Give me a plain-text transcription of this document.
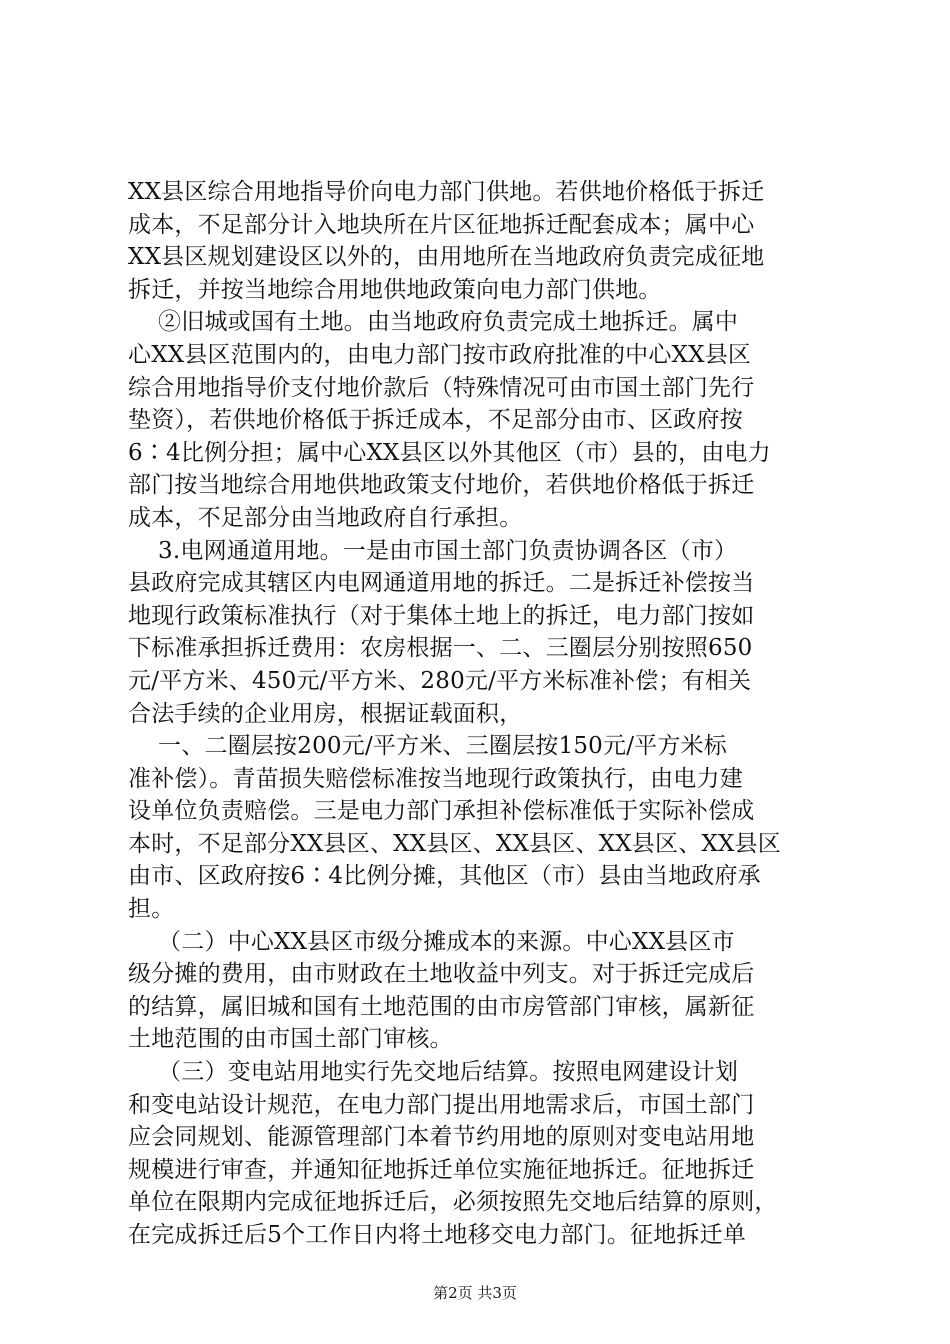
XX县区综合用地指导价向电力部门供地。若供地价格低于拆迁
成本，不足部分计入地块所在片区征地拆迁配套成本；属中心
XX县区规划建设区以外的，由用地所在当地政府负责完成征地
拆迁，并按当地综合用地供地政策向电力部门供地。
②旧城或国有土地。由当地政府负责完成土地拆迁。属中
心XX县区范围内的，由电力部门按市政府批准的中心XX县区
综合用地指导价支付地价款后（特殊情况可由市国土部门先行
垫资），若供地价格低于拆迁成本，不足部分由市、区政府按
6∶4比例分担；属中心XX县区以外其他区（市）县的，由电力
部门按当地综合用地供地政策支付地价，若供地价格低于拆迁
成本，不足部分由当地政府自行承担。
3.电网通道用地。一是由市国土部门负责协调各区（市）
县政府完成其辖区内电网通道用地的拆迁。二是拆迁补偿按当
地现行政策标准执行（对于集体土地上的拆迁，电力部门按如
下标准承担拆迁费用：农房根据一、二、三圈层分别按照650
元/平方米、450元/平方米、280元/平方米标准补偿；有相关
合法手续的企业用房，根据证载面积，
一、二圈层按200元/平方米、三圈层按150元/平方米标
准补偿）。青苗损失赔偿标准按当地现行政策执行，由电力建
设单位负责赔偿。三是电力部门承担补偿标准低于实际补偿成
本时，不足部分XX县区、XX县区、XX县区、XX县区、XX县区
由市、区政府按6∶4比例分摊，其他区（市）县由当地政府承
担。
（二）中心XX县区市级分摊成本的来源。中心XX县区市
级分摊的费用，由市财政在土地收益中列支。对于拆迁完成后
的结算，属旧城和国有土地范围的由市房管部门审核，属新征
土地范围的由市国土部门审核。
（三）变电站用地实行先交地后结算。按照电网建设计划
和变电站设计规范，在电力部门提出用地需求后，市国土部门
应会同规划、能源管理部门本着节约用地的原则对变电站用地
规模进行审查，并通知征地拆迁单位实施征地拆迁。征地拆迁
单位在限期内完成征地拆迁后，必须按照先交地后结算的原则，
在完成拆迁后5个工作日内将土地移交电力部门。征地拆迁单
第2页 共3页
